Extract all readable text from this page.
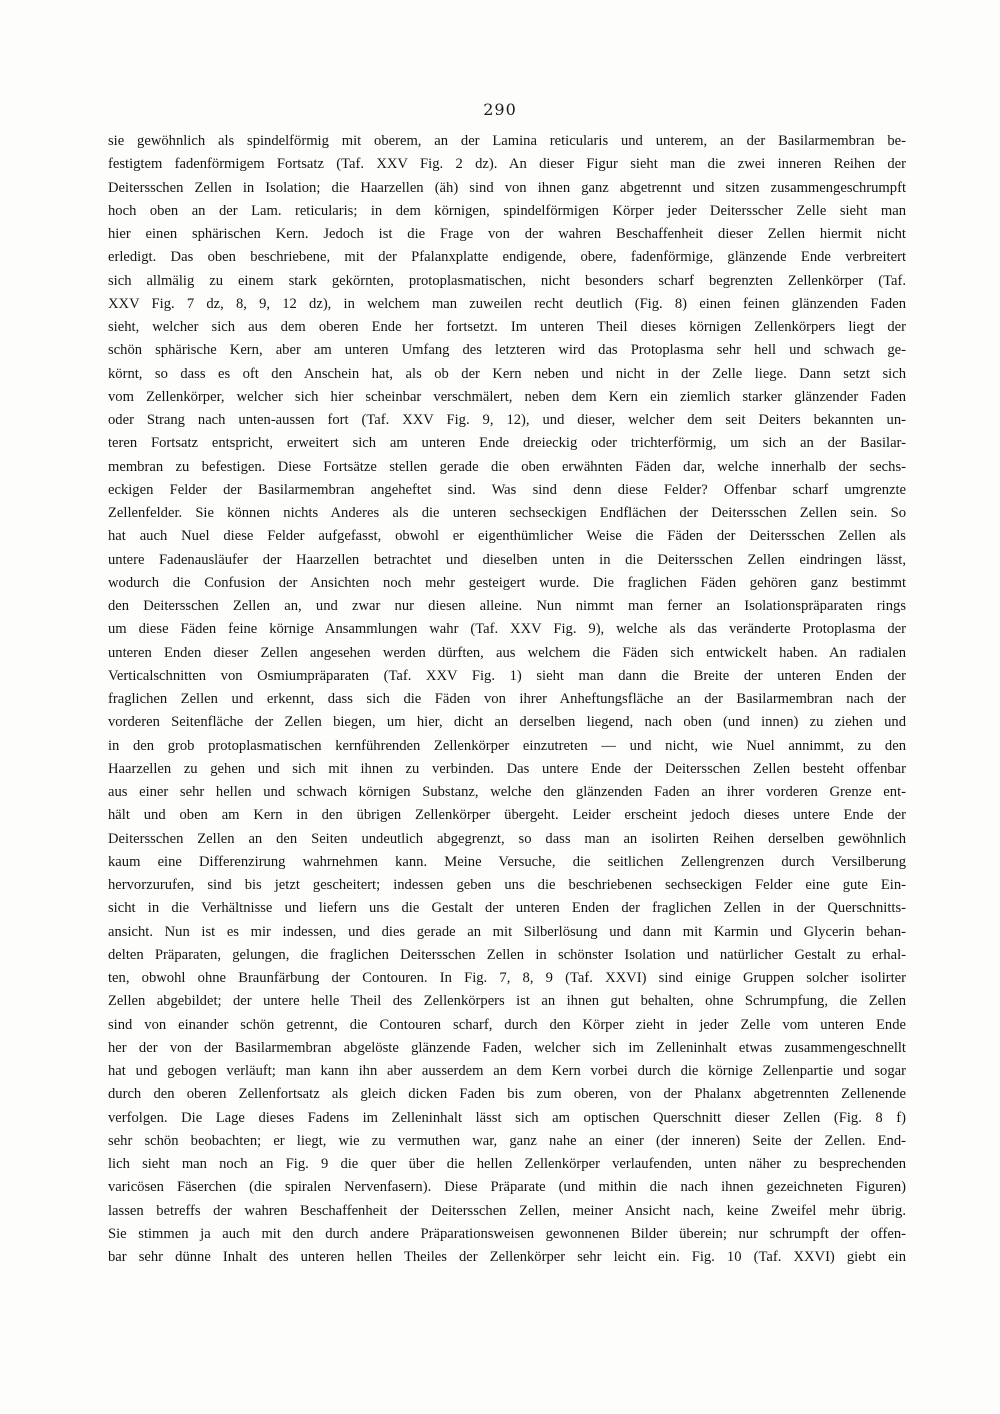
290
sie gewöhnlich als spindelförmig mit oberem, an der Lamina reticularis und unterem, an der Basilarmembran be-
festigtem fadenförmigem Fortsatz (Taf. XXV Fig. 2 dz). An dieser Figur sieht man die zwei inneren Reihen der
Deitersschen Zellen in Isolation; die Haarzellen (äh) sind von ihnen ganz abgetrennt und sitzen zusammengeschrumpft
hoch oben an der Lam. reticularis; in dem körnigen, spindelförmigen Körper jeder Deitersscher Zelle sieht man
hier einen sphärischen Kern. Jedoch ist die Frage von der wahren Beschaffenheit dieser Zellen hiermit nicht
erledigt. Das oben beschriebene, mit der Pfalanxplatte endigende, obere, fadenförmige, glänzende Ende verbreitert
sich allmälig zu einem stark gekörnten, protoplasmatischen, nicht besonders scharf begrenzten Zellenkörper (Taf.
XXV Fig. 7 dz, 8, 9, 12 dz), in welchem man zuweilen recht deutlich (Fig. 8) einen feinen glänzenden Faden
sieht, welcher sich aus dem oberen Ende her fortsetzt. Im unteren Theil dieses körnigen Zellenkörpers liegt der
schön sphärische Kern, aber am unteren Umfang des letzteren wird das Protoplasma sehr hell und schwach ge-
körnt, so dass es oft den Anschein hat, als ob der Kern neben und nicht in der Zelle liege. Dann setzt sich
vom Zellenkörper, welcher sich hier scheinbar verschmälert, neben dem Kern ein ziemlich starker glänzender Faden
oder Strang nach unten-aussen fort (Taf. XXV Fig. 9, 12), und dieser, welcher dem seit Deiters bekannten un-
teren Fortsatz entspricht, erweitert sich am unteren Ende dreieckig oder trichterförmig, um sich an der Basilar-
membran zu befestigen. Diese Fortsätze stellen gerade die oben erwähnten Fäden dar, welche innerhalb der sechs-
eckigen Felder der Basilarmembran angeheftet sind. Was sind denn diese Felder? Offenbar scharf umgrenzte
Zellenfelder. Sie können nichts Anderes als die unteren sechseckigen Endflächen der Deitersschen Zellen sein. So
hat auch Nuel diese Felder aufgefasst, obwohl er eigenthümlicher Weise die Fäden der Deitersschen Zellen als
untere Fadenausläufer der Haarzellen betrachtet und dieselben unten in die Deitersschen Zellen eindringen lässt,
wodurch die Confusion der Ansichten noch mehr gesteigert wurde. Die fraglichen Fäden gehören ganz bestimmt
den Deitersschen Zellen an, und zwar nur diesen alleine. Nun nimmt man ferner an Isolationspräparaten rings
um diese Fäden feine körnige Ansammlungen wahr (Taf. XXV Fig. 9), welche als das veränderte Protoplasma der
unteren Enden dieser Zellen angesehen werden dürften, aus welchem die Fäden sich entwickelt haben. An radialen
Verticalschnitten von Osmiumpräparaten (Taf. XXV Fig. 1) sieht man dann die Breite der unteren Enden der
fraglichen Zellen und erkennt, dass sich die Fäden von ihrer Anheftungsfläche an der Basilarmembran nach der
vorderen Seitenfläche der Zellen biegen, um hier, dicht an derselben liegend, nach oben (und innen) zu ziehen und
in den grob protoplasmatischen kernführenden Zellenkörper einzutreten — und nicht, wie Nuel annimmt, zu den
Haarzellen zu gehen und sich mit ihnen zu verbinden. Das untere Ende der Deitersschen Zellen besteht offenbar
aus einer sehr hellen und schwach körnigen Substanz, welche den glänzenden Faden an ihrer vorderen Grenze ent-
hält und oben am Kern in den übrigen Zellenkörper übergeht. Leider erscheint jedoch dieses untere Ende der
Deitersschen Zellen an den Seiten undeutlich abgegrenzt, so dass man an isolirten Reihen derselben gewöhnlich
kaum eine Differenzirung wahrnehmen kann. Meine Versuche, die seitlichen Zellengrenzen durch Versilberung
hervorzurufen, sind bis jetzt gescheitert; indessen geben uns die beschriebenen sechseckigen Felder eine gute Ein-
sicht in die Verhältnisse und liefern uns die Gestalt der unteren Enden der fraglichen Zellen in der Querschnitts-
ansicht. Nun ist es mir indessen, und dies gerade an mit Silberlösung und dann mit Karmin und Glycerin behan-
delten Präparaten, gelungen, die fraglichen Deitersschen Zellen in schönster Isolation und natürlicher Gestalt zu erhal-
ten, obwohl ohne Braunfärbung der Contouren. In Fig. 7, 8, 9 (Taf. XXVI) sind einige Gruppen solcher isolirter
Zellen abgebildet; der untere helle Theil des Zellenkörpers ist an ihnen gut behalten, ohne Schrumpfung, die Zellen
sind von einander schön getrennt, die Contouren scharf, durch den Körper zieht in jeder Zelle vom unteren Ende
her der von der Basilarmembran abgelöste glänzende Faden, welcher sich im Zelleninhalt etwas zusammengeschnellt
hat und gebogen verläuft; man kann ihn aber ausserdem an dem Kern vorbei durch die körnige Zellenpartie und sogar
durch den oberen Zellenfortsatz als gleich dicken Faden bis zum oberen, von der Phalanx abgetrennten Zellenende
verfolgen. Die Lage dieses Fadens im Zelleninhalt lässt sich am optischen Querschnitt dieser Zellen (Fig. 8 f)
sehr schön beobachten; er liegt, wie zu vermuthen war, ganz nahe an einer (der inneren) Seite der Zellen. End-
lich sieht man noch an Fig. 9 die quer über die hellen Zellenkörper verlaufenden, unten näher zu besprechenden
varicösen Fäserchen (die spiralen Nervenfasern). Diese Präparate (und mithin die nach ihnen gezeichneten Figuren)
lassen betreffs der wahren Beschaffenheit der Deitersschen Zellen, meiner Ansicht nach, keine Zweifel mehr übrig.
Sie stimmen ja auch mit den durch andere Präparationsweisen gewonnenen Bilder überein; nur schrumpft der offen-
bar sehr dünne Inhalt des unteren hellen Theiles der Zellenkörper sehr leicht ein. Fig. 10 (Taf. XXVI) giebt ein
